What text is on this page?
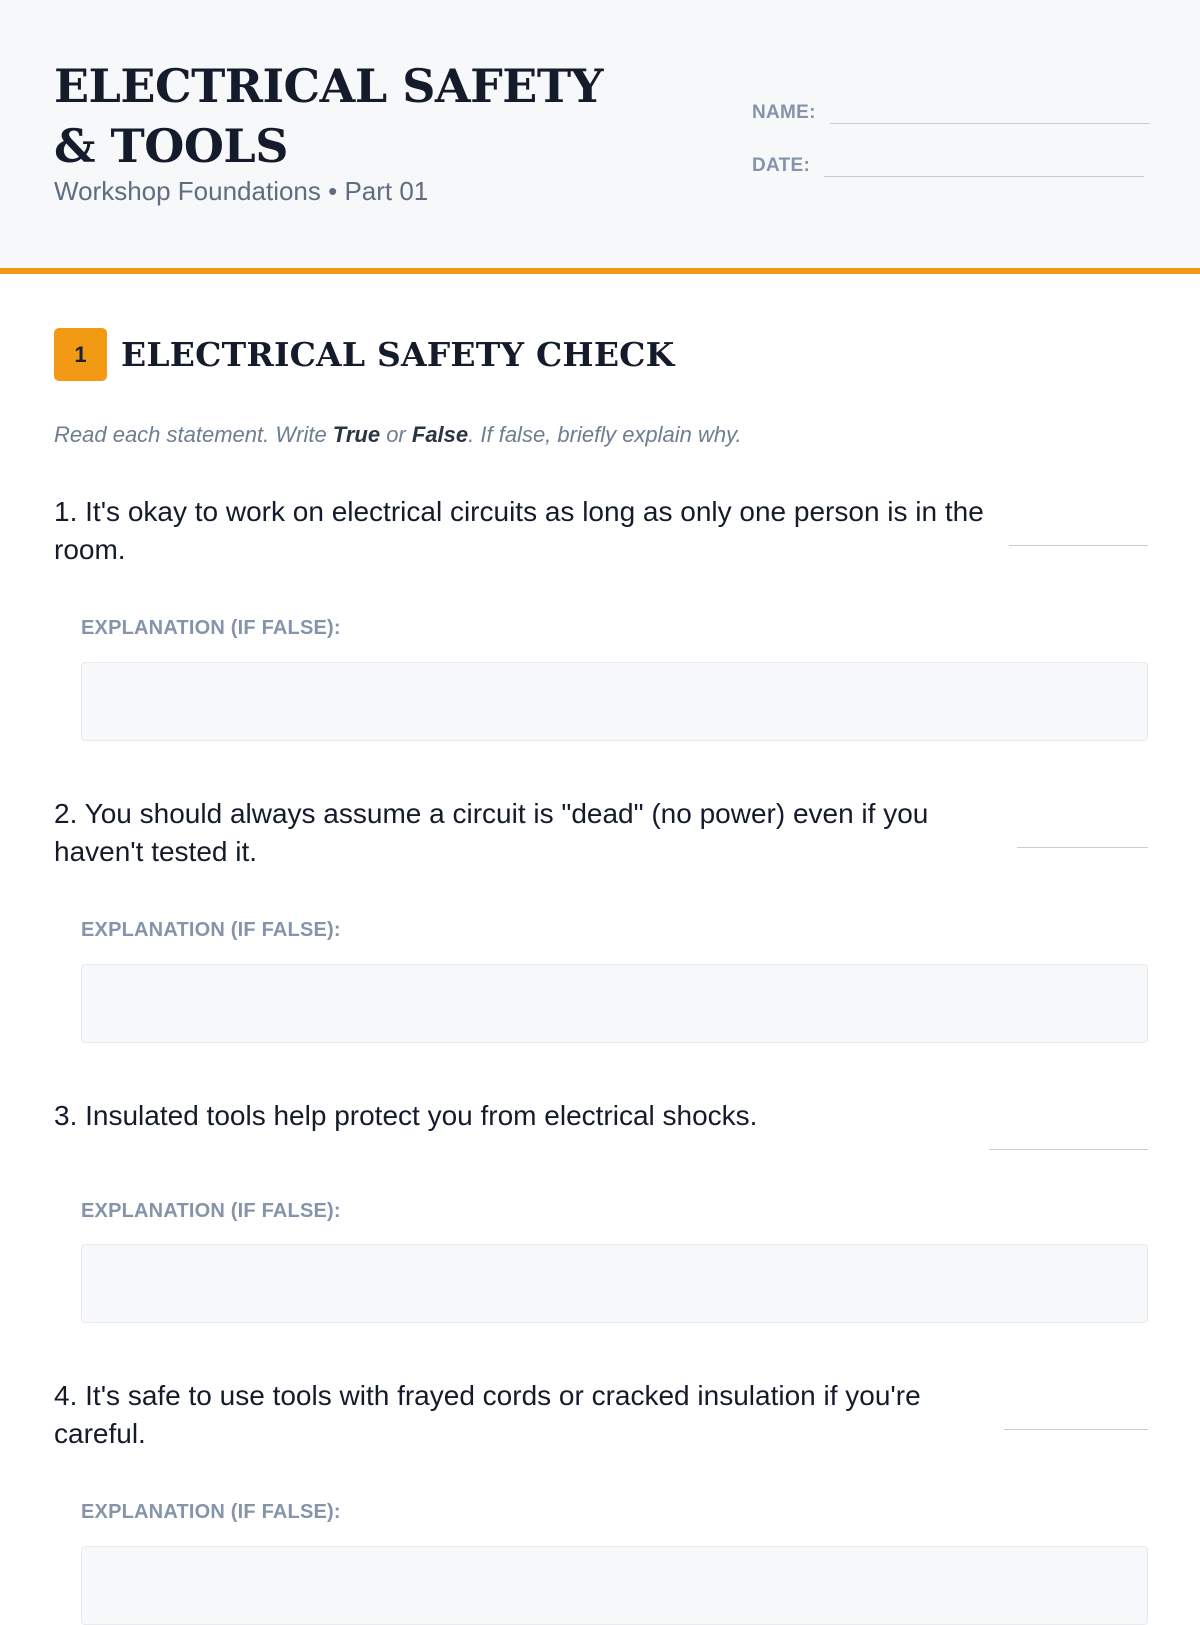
ELECTRICAL SAFETY & TOOLS
Workshop Foundations • Part 01
NAME:
DATE:
1	ELECTRICAL SAFETY CHECK

Read each statement. Write True or False. If false, briefly explain why.

1. It's okay to work on electrical circuits as long as only one person is in the room.
EXPLANATION (IF FALSE):
2. You should always assume a circuit is "dead" (no power) even if you haven't tested it.
EXPLANATION (IF FALSE):
3. Insulated tools help protect you from electrical shocks.
EXPLANATION (IF FALSE):
4. It's safe to use tools with frayed cords or cracked insulation if you're careful.
EXPLANATION (IF FALSE):
